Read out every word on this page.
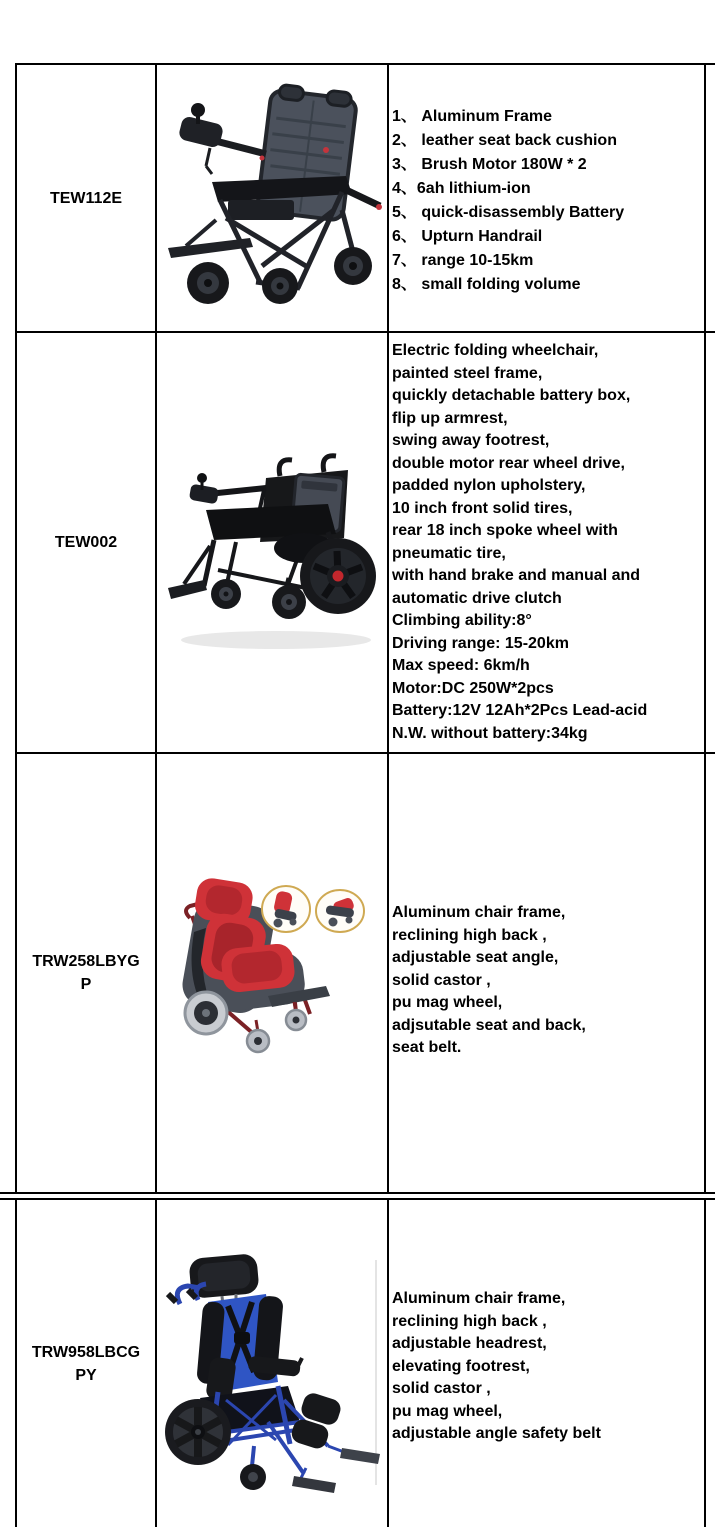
TEW112E
1、 Aluminum Frame
2、 leather seat back cushion
3、 Brush Motor 180W * 2
4、6ah lithium-ion
5、 quick-disassembly Battery
6、 Upturn Handrail
7、 range 10-15km
8、 small folding volume
TEW002
Electric folding wheelchair,
painted steel frame,
quickly detachable battery box,
flip up armrest,
swing away footrest,
double motor rear wheel drive,
padded nylon upholstery,
10 inch front solid tires,
rear 18 inch spoke wheel with
pneumatic tire,
with hand brake and manual and
automatic drive clutch
Climbing ability:8°
Driving range: 15-20km
Max speed: 6km/h
Motor:DC 250W*2pcs
Battery:12V 12Ah*2Pcs Lead-acid
N.W. without battery:34kg
TRW258LBYG
P
Aluminum chair frame,
reclining high back ,
adjustable seat angle,
solid castor ,
pu mag wheel,
adjsutable seat and back,
seat belt.
TRW958LBCG
PY
Aluminum chair frame,
reclining high back ,
adjustable headrest,
elevating footrest,
solid castor ,
pu mag wheel,
adjustable angle safety belt
